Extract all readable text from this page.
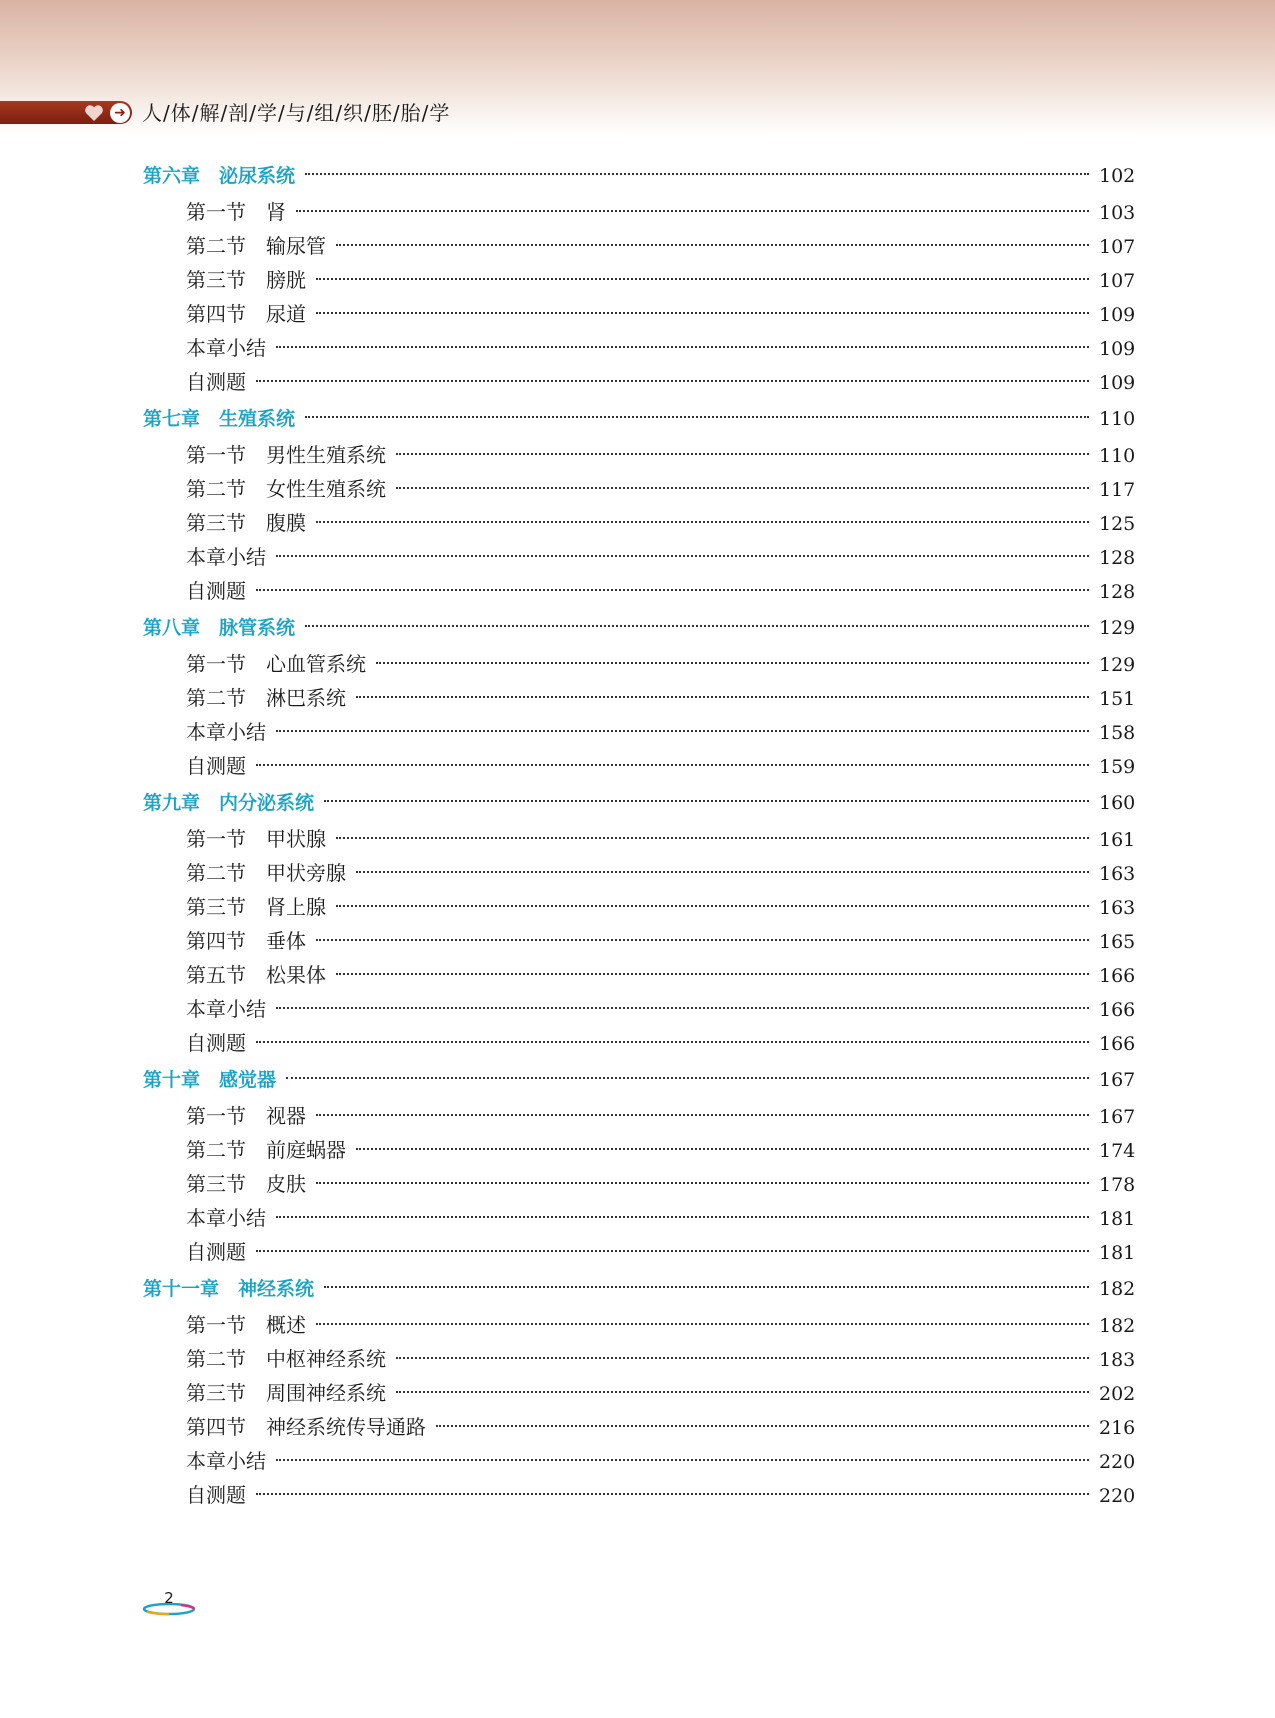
➜ 人/体/解/剖/学/与/组/织/胚/胎/学
第六章　泌尿系统	102
第一节　肾	103
第二节　输尿管	107
第三节　膀胱	107
第四节　尿道	109
本章小结	109
自测题	109
第七章　生殖系统	110
第一节　男性生殖系统	110
第二节　女性生殖系统	117
第三节　腹膜	125
本章小结	128
自测题	128
第八章　脉管系统	129
第一节　心血管系统	129
第二节　淋巴系统	151
本章小结	158
自测题	159
第九章　内分泌系统	160
第一节　甲状腺	161
第二节　甲状旁腺	163
第三节　肾上腺	163
第四节　垂体	165
第五节　松果体	166
本章小结	166
自测题	166
第十章　感觉器	167
第一节　视器	167
第二节　前庭蜗器	174
第三节　皮肤	178
本章小结	181
自测题	181
第十一章　神经系统	182
第一节　概述	182
第二节　中枢神经系统	183
第三节　周围神经系统	202
第四节　神经系统传导通路	216
本章小结	220
自测题	220
2
